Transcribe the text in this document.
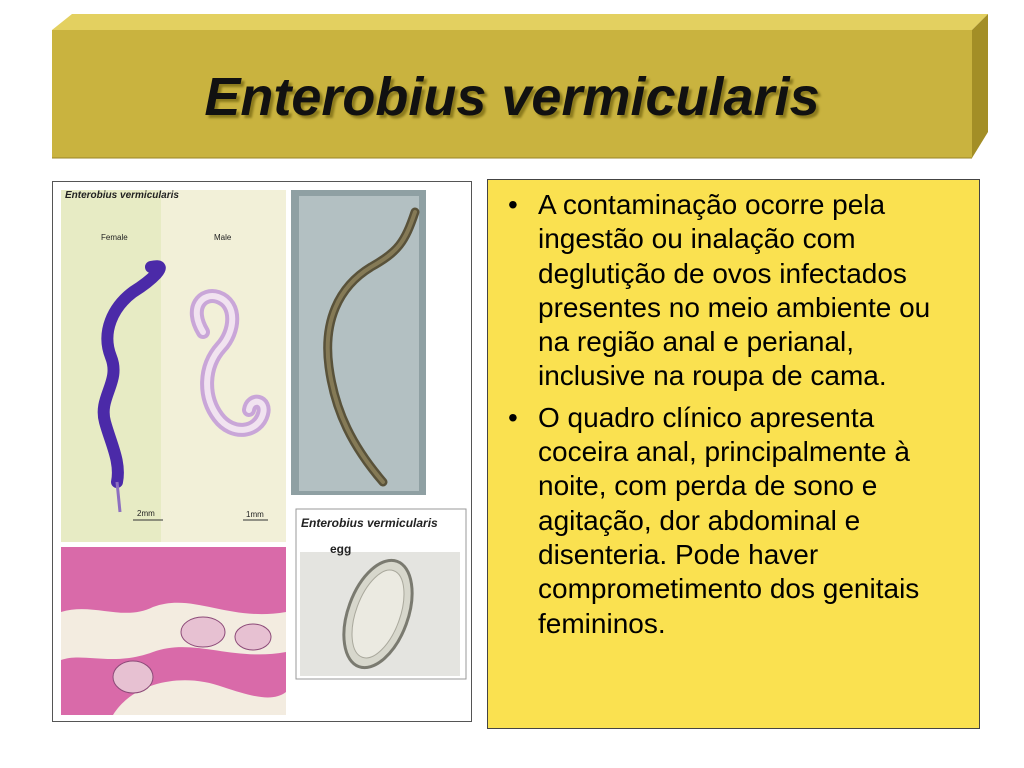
Enterobius vermicularis
Enterobius vermicularis
Female	Male
2mm	1mm
Enterobius vermicularis
egg
• A contaminação ocorre pela ingestão ou inalação com deglutição de ovos infectados presentes no meio ambiente ou na região anal e perianal, inclusive na roupa de cama.
• O quadro clínico apresenta coceira anal, principalmente à noite, com perda de sono e agitação, dor abdominal e disenteria. Pode haver comprometimento dos genitais femininos.
